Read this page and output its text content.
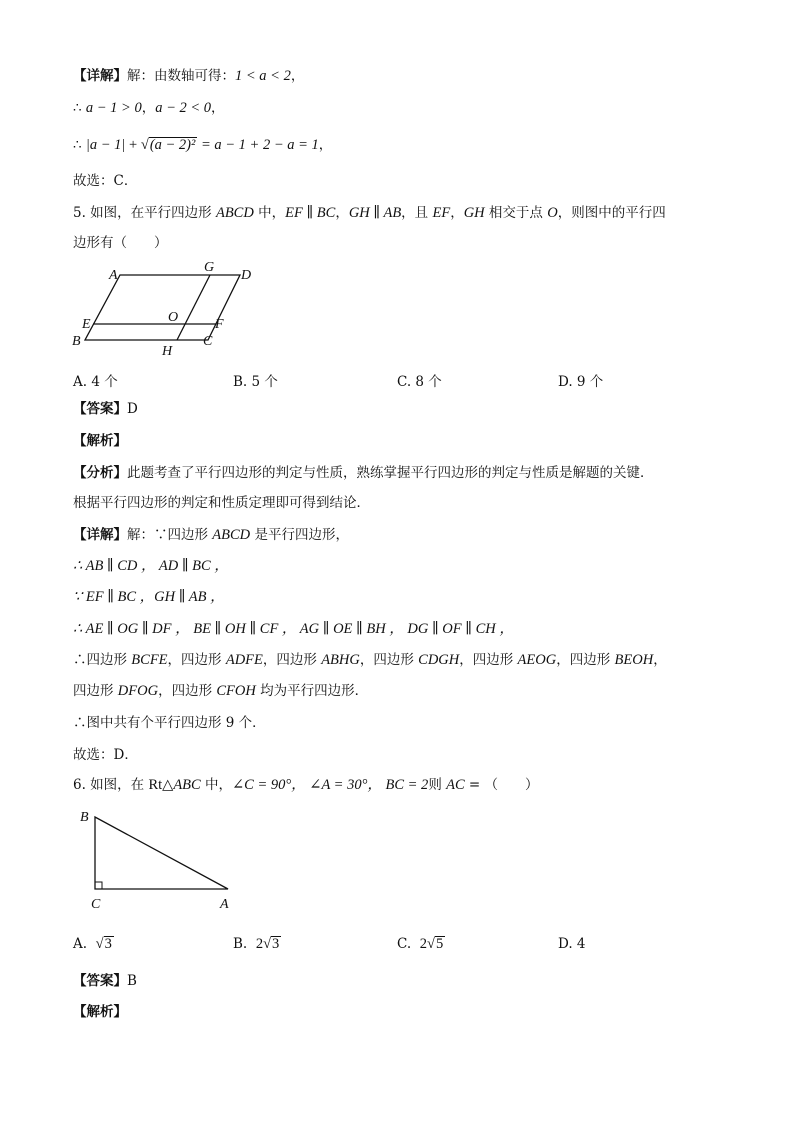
【详解】解：由数轴可得：1 < a < 2，
∴ a − 1 > 0，a − 2 < 0，
∴ |a − 1| + √(a − 2)² = a − 1 + 2 − a = 1，
故选：C．
5. 如图，在平行四边形 ABCD 中，EF ∥ BC，GH ∥ AB，且 EF，GH 相交于点 O，则图中的平行四
边形有（　　）
A
G
D
E	O	F
B
H
C
A. 4 个	B. 5 个	C. 8 个	D. 9 个
【答案】D
【解析】
【分析】此题考查了平行四边形的判定与性质，熟练掌握平行四边形的判定与性质是解题的关键．
根据平行四边形的判定和性质定理即可得到结论．
【详解】解：∵四边形 ABCD 是平行四边形，
∴ AB ∥ CD ， AD ∥ BC ，
∵ EF ∥ BC ，GH ∥ AB ，
∴ AE ∥ OG ∥ DF ， BE ∥ OH ∥ CF ， AG ∥ OE ∥ BH ， DG ∥ OF ∥ CH ，
∴四边形 BCFE，四边形 ADFE，四边形 ABHG，四边形 CDGH，四边形 AEOG，四边形 BEOH，
四边形 DFOG，四边形 CFOH 均为平行四边形．
∴图中共有个平行四边形 9 个．
故选：D．
6. 如图，在 Rt△ABC 中，∠C = 90°， ∠A = 30°， BC = 2则 AC = （　　）
B
C	A
A. √3	B. 2√3	C. 2√5	D. 4
【答案】B
【解析】
